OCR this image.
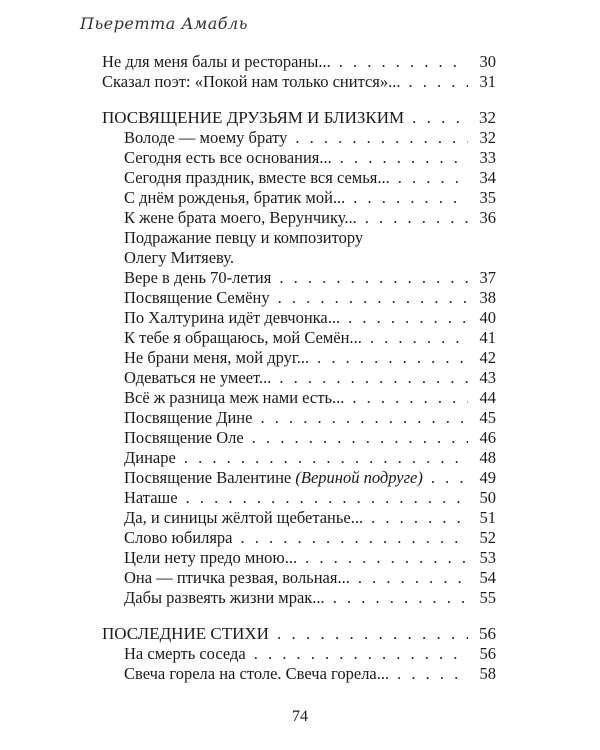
Пьеретта Амабль
Не для меня балы и рестораны... . . .	30
Сказал поэт: «Покой нам только снится»... . . .	31
ПОСВЯЩЕНИЕ ДРУЗЬЯМ И БЛИЗКИМ . . .	32
Володе — моему брату . . .	32
Сегодня есть все основания... . . .	33
Сегодня праздник, вместе вся семья... . . .	34
С днём рожденья, братик мой... . . .	35
К жене брата моего, Верунчику... . . .	36
Подражание певцу и композитору
Олегу Митяеву.
Вере в день 70-летия . . .	37
Посвящение Семёну . . .	38
По Халтурина идёт девчонка... . . .	40
К тебе я обращаюсь, мой Семён... . . .	41
Не брани меня, мой друг... . . .	42
Одеваться не умеет... . . .	43
Всё ж разница меж нами есть... . . .	44
Посвящение Дине . . .	45
Посвящение Оле . . .	46
Динаре . . .	48
Посвящение Валентине (Вериной подруге) . . .	49
Наташе . . .	50
Да, и синицы жёлтой щебетанье... . . .	51
Слово юбиляра . . .	52
Цели нету предо мною... . . .	53
Она — птичка резвая, вольная... . . .	54
Дабы развеять жизни мрак... . . .	55
ПОСЛЕДНИЕ СТИХИ . . .	56
На смерть соседа . . .	56
Свеча горела на столе. Свеча горела... . . .	58
74
